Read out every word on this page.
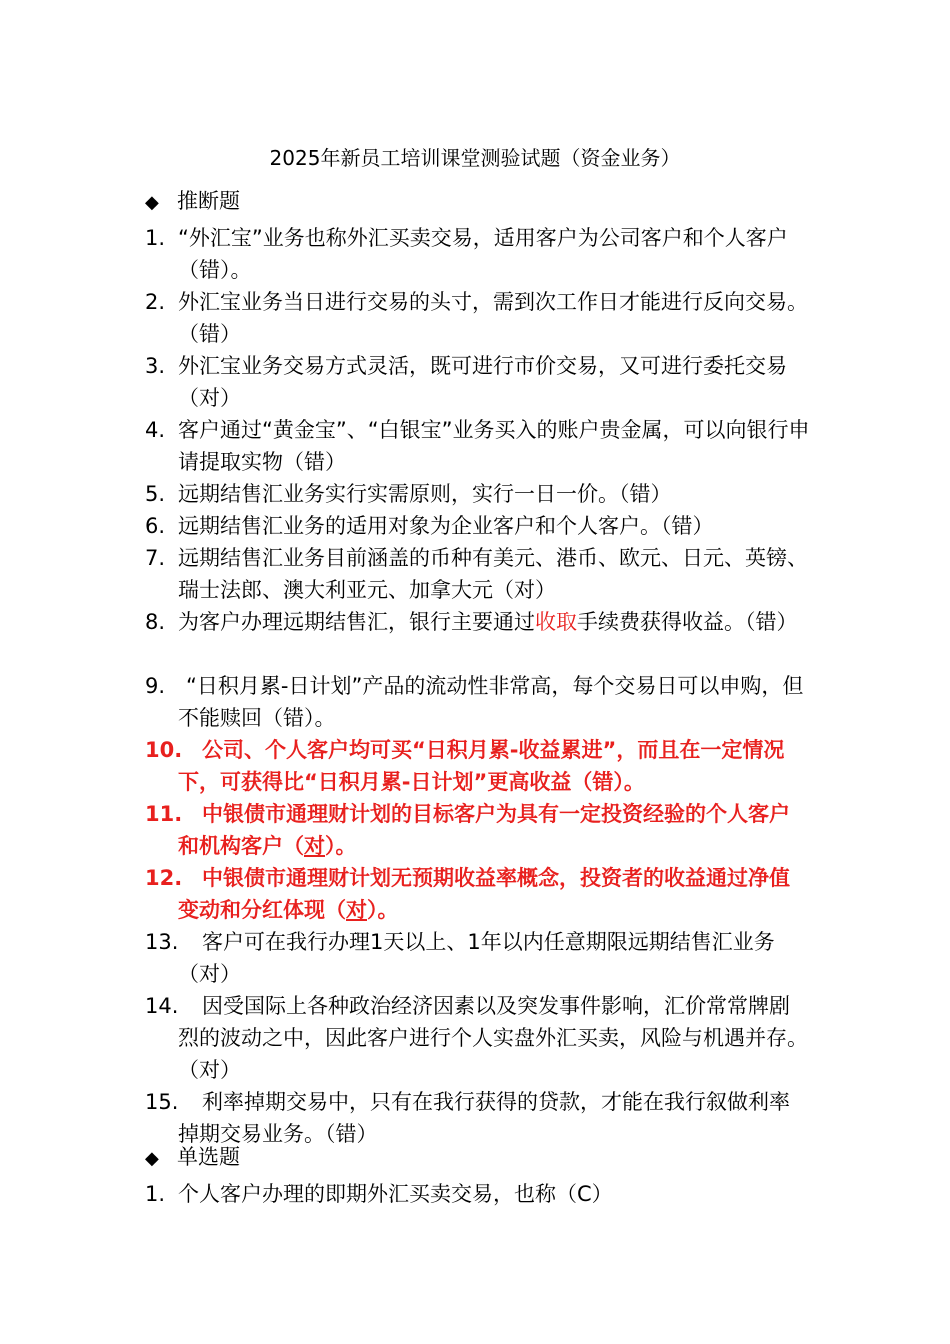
2025年新员工培训课堂测验试题（资金业务）
◆ 推断题
1. “外汇宝”业务也称外汇买卖交易，适用客户为公司客户和个人客户（错）。
2. 外汇宝业务当日进行交易的头寸，需到次工作日才能进行反向交易。（错）
3. 外汇宝业务交易方式灵活，既可进行市价交易，又可进行委托交易（对）
4. 客户通过“黄金宝”、“白银宝”业务买入的账户贵金属，可以向银行申请提取实物（错）
5. 远期结售汇业务实行实需原则，实行一日一价。（错）
6. 远期结售汇业务的适用对象为企业客户和个人客户。（错）
7. 远期结售汇业务目前涵盖的币种有美元、港币、欧元、日元、英镑、瑞士法郎、澳大利亚元、加拿大元（对）
8. 为客户办理远期结售汇，银行主要通过收取手续费获得收益。（错）
9. “日积月累-日计划”产品的流动性非常高，每个交易日可以申购，但不能赎回（错）。
10. 公司、个人客户均可买“日积月累-收益累进”，而且在一定情况下，可获得比“日积月累-日计划”更高收益（错）。
11. 中银债市通理财计划的目标客户为具有一定投资经验的个人客户和机构客户（对）。
12. 中银债市通理财计划无预期收益率概念，投资者的收益通过净值变动和分红体现（对）。
13.	客户可在我行办理1天以上、1年以内任意期限远期结售汇业务（对）
14.	因受国际上各种政治经济因素以及突发事件影响，汇价常常牌剧烈的波动之中，因此客户进行个人实盘外汇买卖，风险与机遇并存。（对）
15.	利率掉期交易中，只有在我行获得的贷款，才能在我行叙做利率掉期交易业务。（错）
◆ 单选题
1. 个人客户办理的即期外汇买卖交易，也称（C）
